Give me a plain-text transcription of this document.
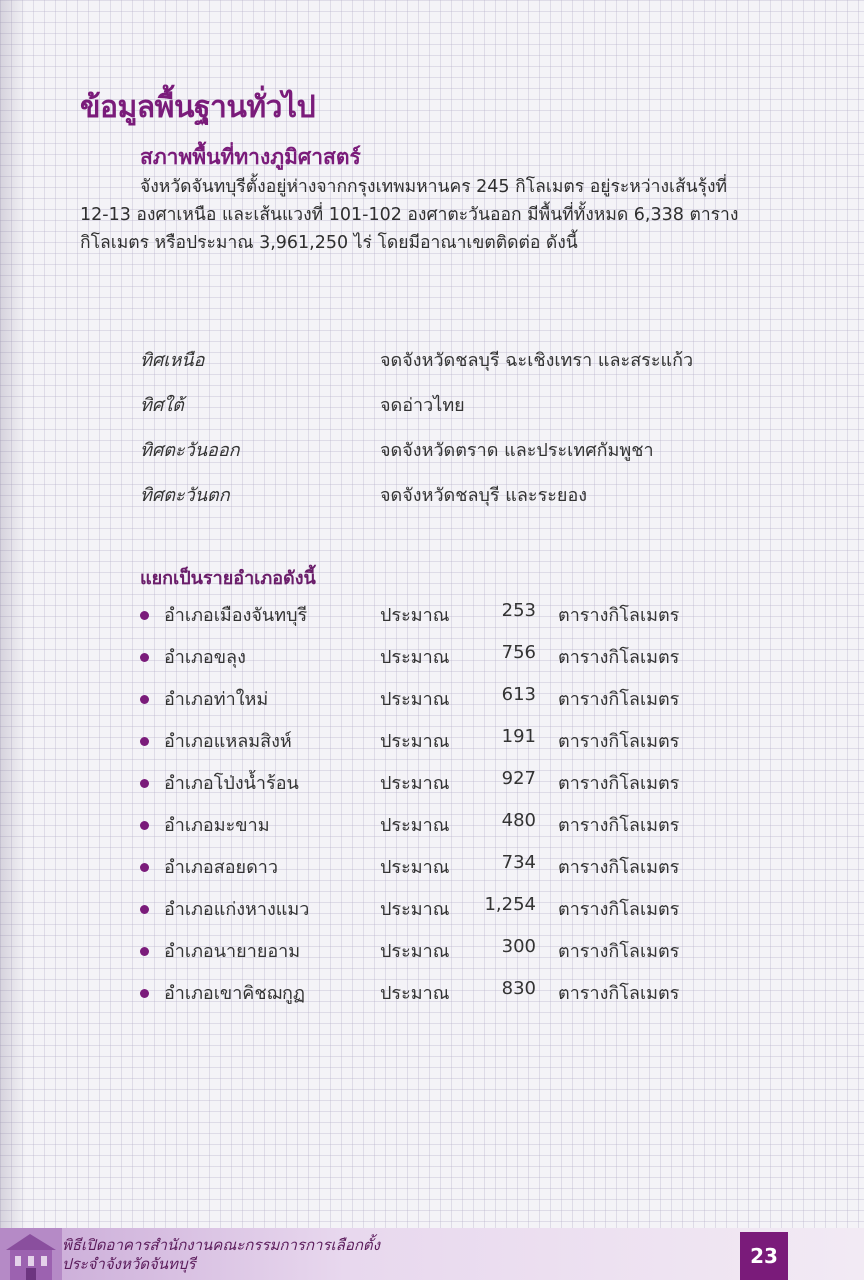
ข้อมูลพื้นฐานทั่วไป
สภาพพื้นที่ทางภูมิศาสตร์

จังหวัดจันทบุรีตั้งอยู่ห่างจากกรุงเทพมหานคร 245 กิโลเมตร อยู่ระหว่างเส้นรุ้งที่
12-13 องศาเหนือ และเส้นแวงที่ 101-102 องศาตะวันออก มีพื้นที่ทั้งหมด 6,338 ตาราง
กิโลเมตร หรือประมาณ 3,961,250 ไร่ โดยมีอาณาเขตติดต่อ ดังนี้

ทิศเหนือ	จดจังหวัดชลบุรี ฉะเชิงเทรา และสระแก้ว
ทิศใต้	จดอ่าวไทย
ทิศตะวันออก	จดจังหวัดตราด และประเทศกัมพูชา
ทิศตะวันตก	จดจังหวัดชลบุรี และระยอง
แยกเป็นรายอำเภอดังนี้
อำเภอเมืองจันทบุรี	ประมาณ	253 ตารางกิโลเมตร
อำเภอขลุง	ประมาณ	756 ตารางกิโลเมตร
อำเภอท่าใหม่	ประมาณ	613 ตารางกิโลเมตร
อำเภอแหลมสิงห์	ประมาณ	191 ตารางกิโลเมตร
อำเภอโป่งน้ำร้อน	ประมาณ	927 ตารางกิโลเมตร
อำเภอมะขาม	ประมาณ	480 ตารางกิโลเมตร
อำเภอสอยดาว	ประมาณ	734 ตารางกิโลเมตร
อำเภอแก่งหางแมว	ประมาณ	1,254 ตารางกิโลเมตร
อำเภอนายายอาม	ประมาณ	300 ตารางกิโลเมตร
อำเภอเขาคิชฌกูฏ	ประมาณ	830 ตารางกิโลเมตร

พิธีเปิดอาคารสำนักงานคณะกรรมการการเลือกตั้ง
ประจำจังหวัดจันทบุรี	23
